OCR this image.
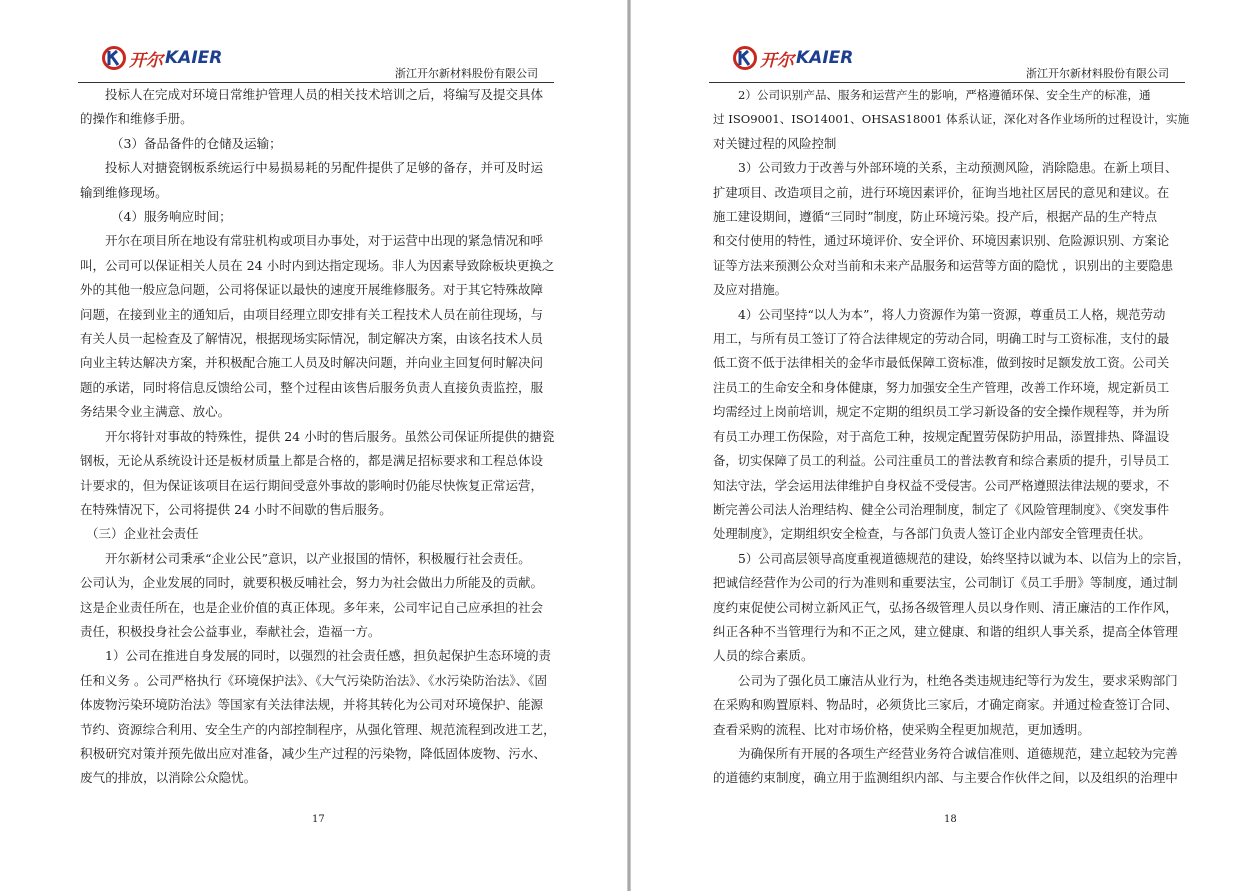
开尔 KAIER
浙江开尔新材料股份有限公司

投标人在完成对环境日常维护管理人员的相关技术培训之后，将编写及提交具体

的操作和维修手册。

（3）备品备件的仓储及运输；

投标人对搪瓷钢板系统运行中易损易耗的另配件提供了足够的备存，并可及时运

输到维修现场。

（4）服务响应时间；

开尔在项目所在地设有常驻机构或项目办事处，对于运营中出现的紧急情况和呼

叫，公司可以保证相关人员在 24 小时内到达指定现场。非人为因素导致除板块更换之

外的其他一般应急问题，公司将保证以最快的速度开展维修服务。对于其它特殊故障

问题，在接到业主的通知后，由项目经理立即安排有关工程技术人员在前往现场，与

有关人员一起检查及了解情况，根据现场实际情况，制定解决方案，由该名技术人员

向业主转达解决方案，并积极配合施工人员及时解决问题，并向业主回复何时解决问

题的承诺，同时将信息反馈给公司，整个过程由该售后服务负责人直接负责监控，服

务结果令业主满意、放心。

开尔将针对事故的特殊性，提供 24 小时的售后服务。虽然公司保证所提供的搪瓷

钢板，无论从系统设计还是板材质量上都是合格的，都是满足招标要求和工程总体设

计要求的，但为保证该项目在运行期间受意外事故的影响时仍能尽快恢复正常运营，

在特殊情况下，公司将提供 24 小时不间歇的售后服务。

（三）企业社会责任

开尔新材公司秉承“企业公民”意识，以产业报国的情怀，积极履行社会责任。

公司认为，企业发展的同时，就要积极反哺社会，努力为社会做出力所能及的贡献。

这是企业责任所在，也是企业价值的真正体现。多年来，公司牢记自己应承担的社会

责任，积极投身社会公益事业，奉献社会，造福一方。

1）公司在推进自身发展的同时，以强烈的社会责任感，担负起保护生态环境的责

任和义务 。公司严格执行《环境保护法》、《大气污染防治法》、《水污染防治法》、《固

体废物污染环境防治法》等国家有关法律法规，并将其转化为公司对环境保护、能源

节约、资源综合利用、安全生产的内部控制程序，从强化管理、规范流程到改进工艺，

积极研究对策并预先做出应对准备，减少生产过程的污染物，降低固体废物、污水、

废气的排放，以消除公众隐忧。

17
开尔 KAIER
浙江开尔新材料股份有限公司

2）公司识别产品、服务和运营产生的影响，严格遵循环保、安全生产的标准，通

过 ISO9001、ISO14001、OHSAS18001 体系认证，深化对各作业场所的过程设计，实施

对关键过程的风险控制

3）公司致力于改善与外部环境的关系，主动预测风险，消除隐患。在新上项目、

扩建项目、改造项目之前，进行环境因素评价，征询当地社区居民的意见和建议。在

施工建设期间，遵循“三同时”制度，防止环境污染。投产后，根据产品的生产特点

和交付使用的特性，通过环境评价、安全评价、环境因素识别、危险源识别、方案论

证等方法来预测公众对当前和未来产品服务和运营等方面的隐忧 ，识别出的主要隐患

及应对措施。

4）公司坚持“以人为本”，将人力资源作为第一资源，尊重员工人格，规范劳动

用工，与所有员工签订了符合法律规定的劳动合同，明确工时与工资标准，支付的最

低工资不低于法律相关的金华市最低保障工资标准，做到按时足额发放工资。公司关

注员工的生命安全和身体健康，努力加强安全生产管理，改善工作环境，规定新员工

均需经过上岗前培训，规定不定期的组织员工学习新设备的安全操作规程等，并为所

有员工办理工伤保险，对于高危工种，按规定配置劳保防护用品，添置排热、降温设

备，切实保障了员工的利益。公司注重员工的普法教育和综合素质的提升，引导员工

知法守法，学会运用法律维护自身权益不受侵害。公司严格遵照法律法规的要求，不

断完善公司法人治理结构、健全公司治理制度，制定了《风险管理制度》、《突发事件

处理制度》，定期组织安全检查，与各部门负责人签订企业内部安全管理责任状。

5）公司高层领导高度重视道德规范的建设，始终坚持以诚为本、以信为上的宗旨，

把诚信经营作为公司的行为准则和重要法宝，公司制订《员工手册》等制度，通过制

度约束促使公司树立新风正气，弘扬各级管理人员以身作则、清正廉洁的工作作风，

纠正各种不当管理行为和不正之风，建立健康、和谐的组织人事关系，提高全体管理

人员的综合素质。

公司为了强化员工廉洁从业行为，杜绝各类违规违纪等行为发生，要求采购部门

在采购和购置原料、物品时，必须货比三家后，才确定商家。并通过检查签订合同、

查看采购的流程、比对市场价格，使采购全程更加规范，更加透明。

为确保所有开展的各项生产经营业务符合诚信准则、道德规范，建立起较为完善

的道德约束制度，确立用于监测组织内部、与主要合作伙伴之间，以及组织的治理中

18
